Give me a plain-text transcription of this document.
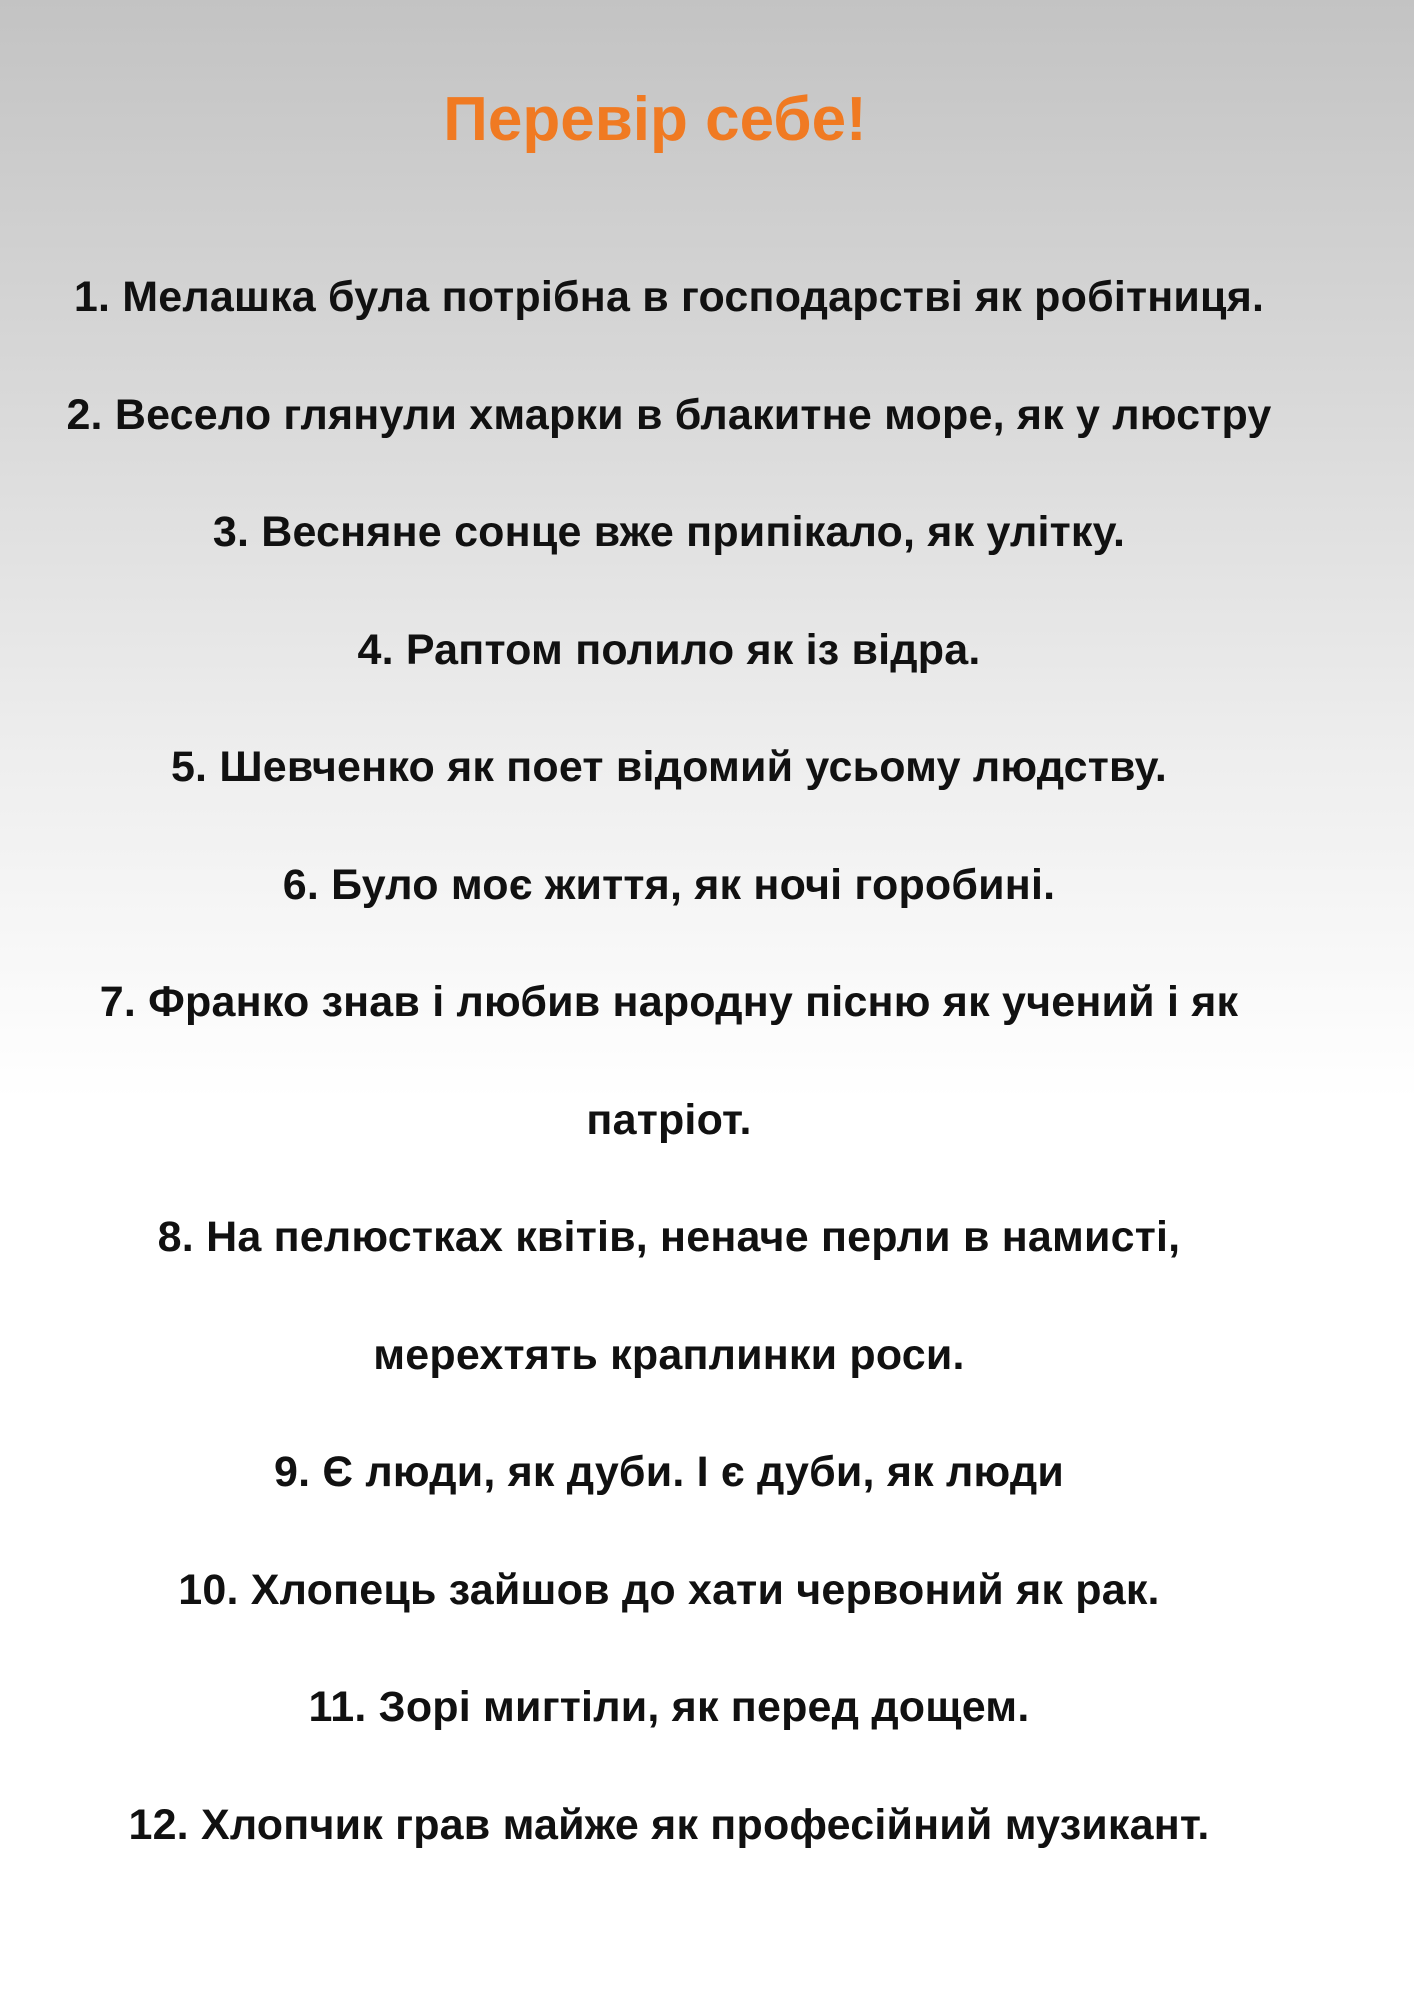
Перевір себе!
1. Мелашка була потрібна в господарстві як робітниця.
2. Весело глянули хмарки в блакитне море, як у люстру
3. Весняне сонце вже припікало, як улітку.
4. Раптом полило як із відра.
5. Шевченко як поет відомий усьому людству.
6. Було моє життя, як ночі горобині.
7. Франко знав і любив народну пісню як учений і як
патріот.
8. На пелюстках квітів, неначе перли в намисті,
мерехтять краплинки роси.
9. Є люди, як дуби. І є дуби, як люди
10. Хлопець зайшов до хати червоний як рак.
11. Зорі мигтіли, як перед дощем.
12. Хлопчик грав майже як професійний музикант.
